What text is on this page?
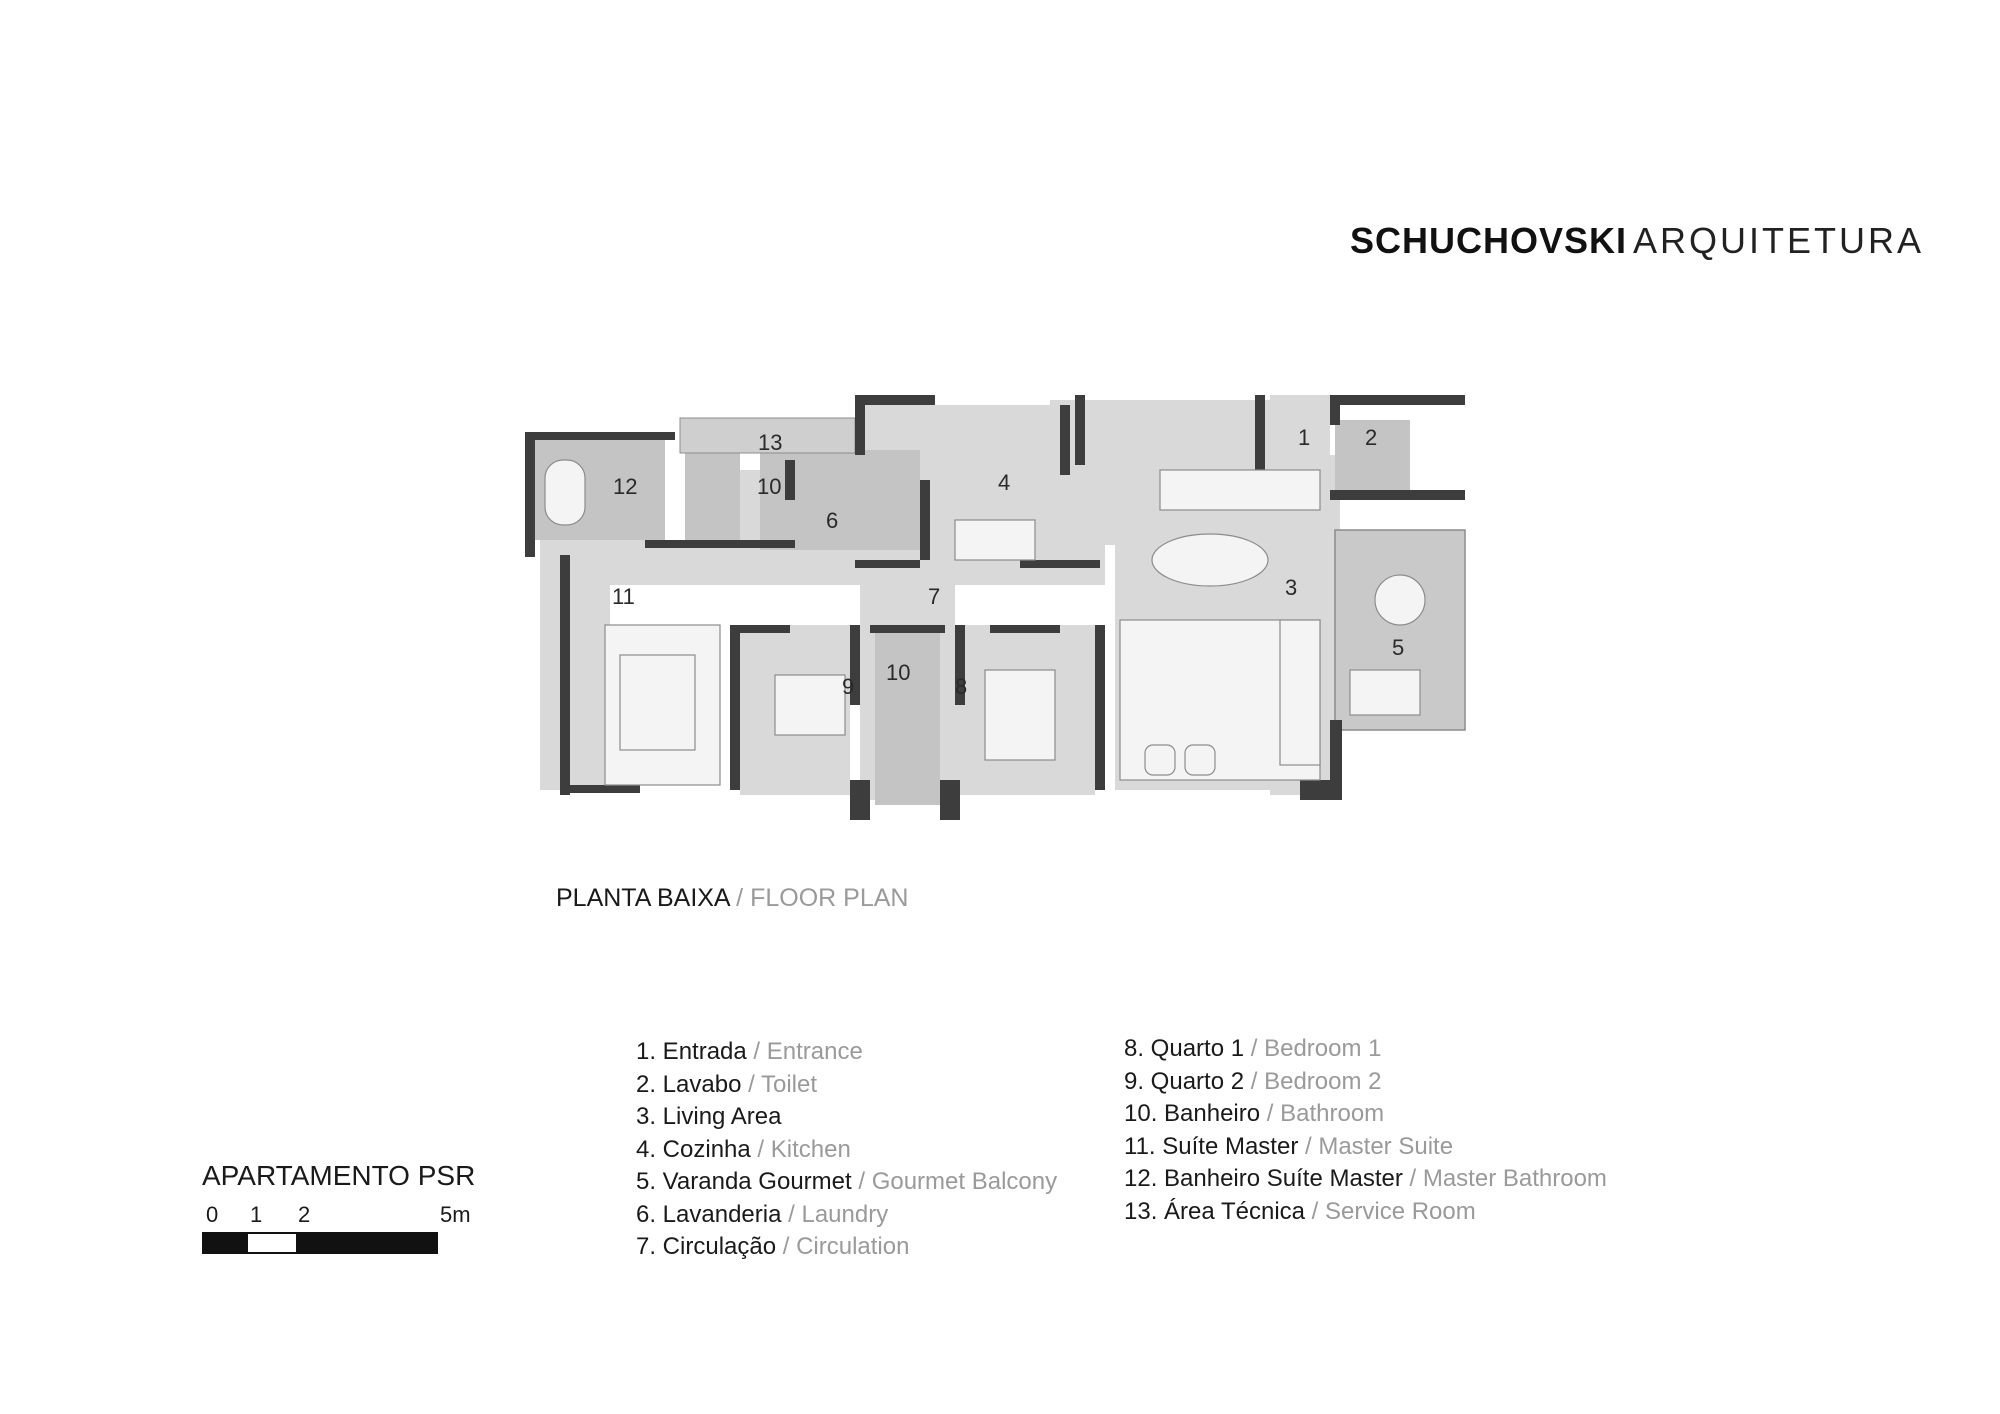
SCHUCHOVSKI ARQUITETURA
1 2
3
4
5
6
7
8
9
10
10
11
12
13
PLANTA BAIXA / FLOOR PLAN
1. Entrada / Entrance
2. Lavabo / Toilet
3. Living Area
4. Cozinha / Kitchen
5. Varanda Gourmet / Gourmet Balcony
6. Lavanderia / Laundry
7. Circulação / Circulation
8. Quarto 1 / Bedroom 1
9. Quarto 2 / Bedroom 2
10. Banheiro / Bathroom
11. Suíte Master / Master Suite
12. Banheiro Suíte Master / Master Bathroom
13. Área Técnica / Service Room
APARTAMENTO PSR
0 1 2	5m
